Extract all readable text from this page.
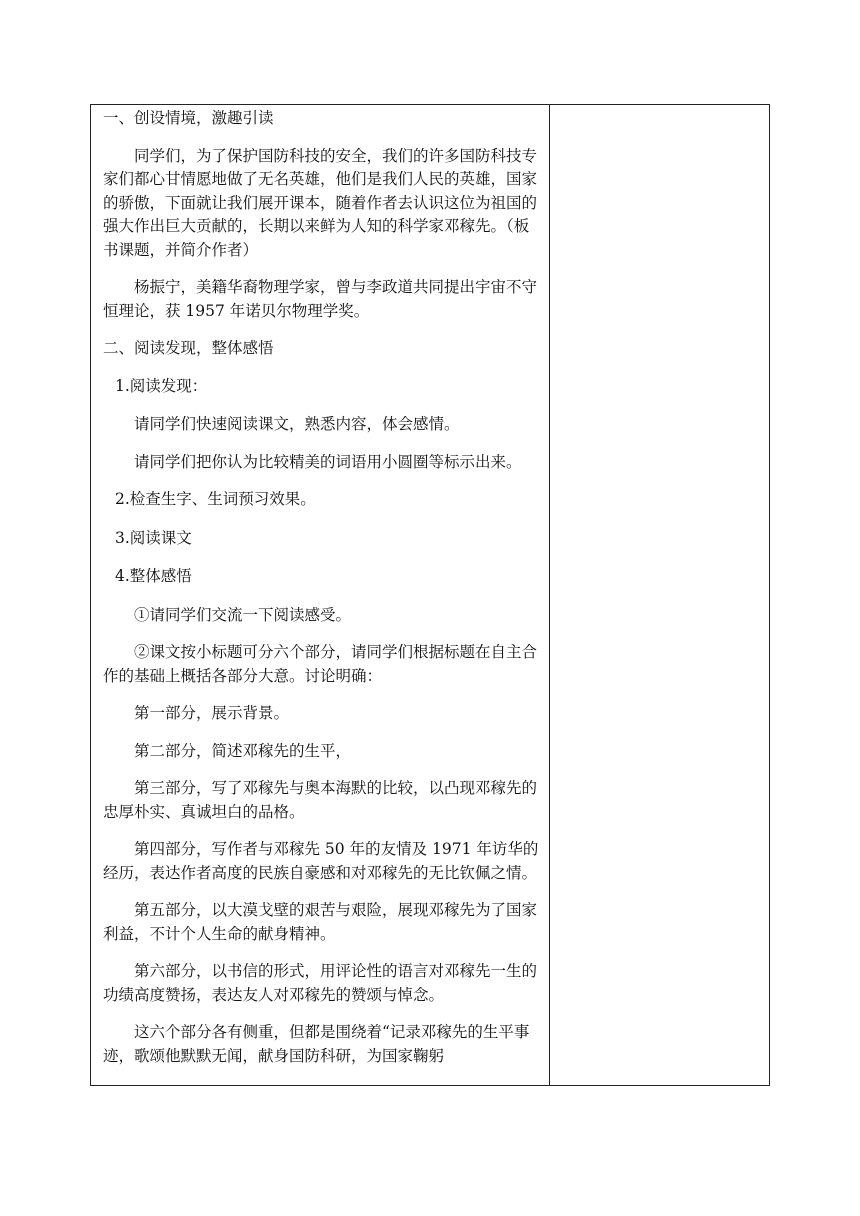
一、创设情境，激趣引读

同学们，为了保护国防科技的安全，我们的许多国防科技专家们都心甘情愿地做了无名英雄，他们是我们人民的英雄，国家的骄傲，下面就让我们展开课本，随着作者去认识这位为祖国的强大作出巨大贡献的，长期以来鲜为人知的科学家邓稼先。（板书课题，并简介作者）

杨振宁，美籍华裔物理学家，曾与李政道共同提出宇宙不守恒理论，获 1957 年诺贝尔物理学奖。

二、阅读发现，整体感悟

1.阅读发现：

请同学们快速阅读课文，熟悉内容，体会感情。

请同学们把你认为比较精美的词语用小圆圈等标示出来。

2.检查生字、生词预习效果。

3.阅读课文

4.整体感悟

①请同学们交流一下阅读感受。

②课文按小标题可分六个部分，请同学们根据标题在自主合作的基础上概括各部分大意。讨论明确：

第一部分，展示背景。

第二部分，简述邓稼先的生平，

第三部分，写了邓稼先与奥本海默的比较，以凸现邓稼先的忠厚朴实、真诚坦白的品格。

第四部分，写作者与邓稼先 50 年的友情及 1971 年访华的经历，表达作者高度的民族自豪感和对邓稼先的无比钦佩之情。

第五部分，以大漠戈壁的艰苦与艰险，展现邓稼先为了国家利益，不计个人生命的献身精神。

第六部分，以书信的形式，用评论性的语言对邓稼先一生的功绩高度赞扬，表达友人对邓稼先的赞颂与悼念。

这六个部分各有侧重，但都是围绕着“记录邓稼先的生平事迹，歌颂他默默无闻，献身国防科研，为国家鞠躬
